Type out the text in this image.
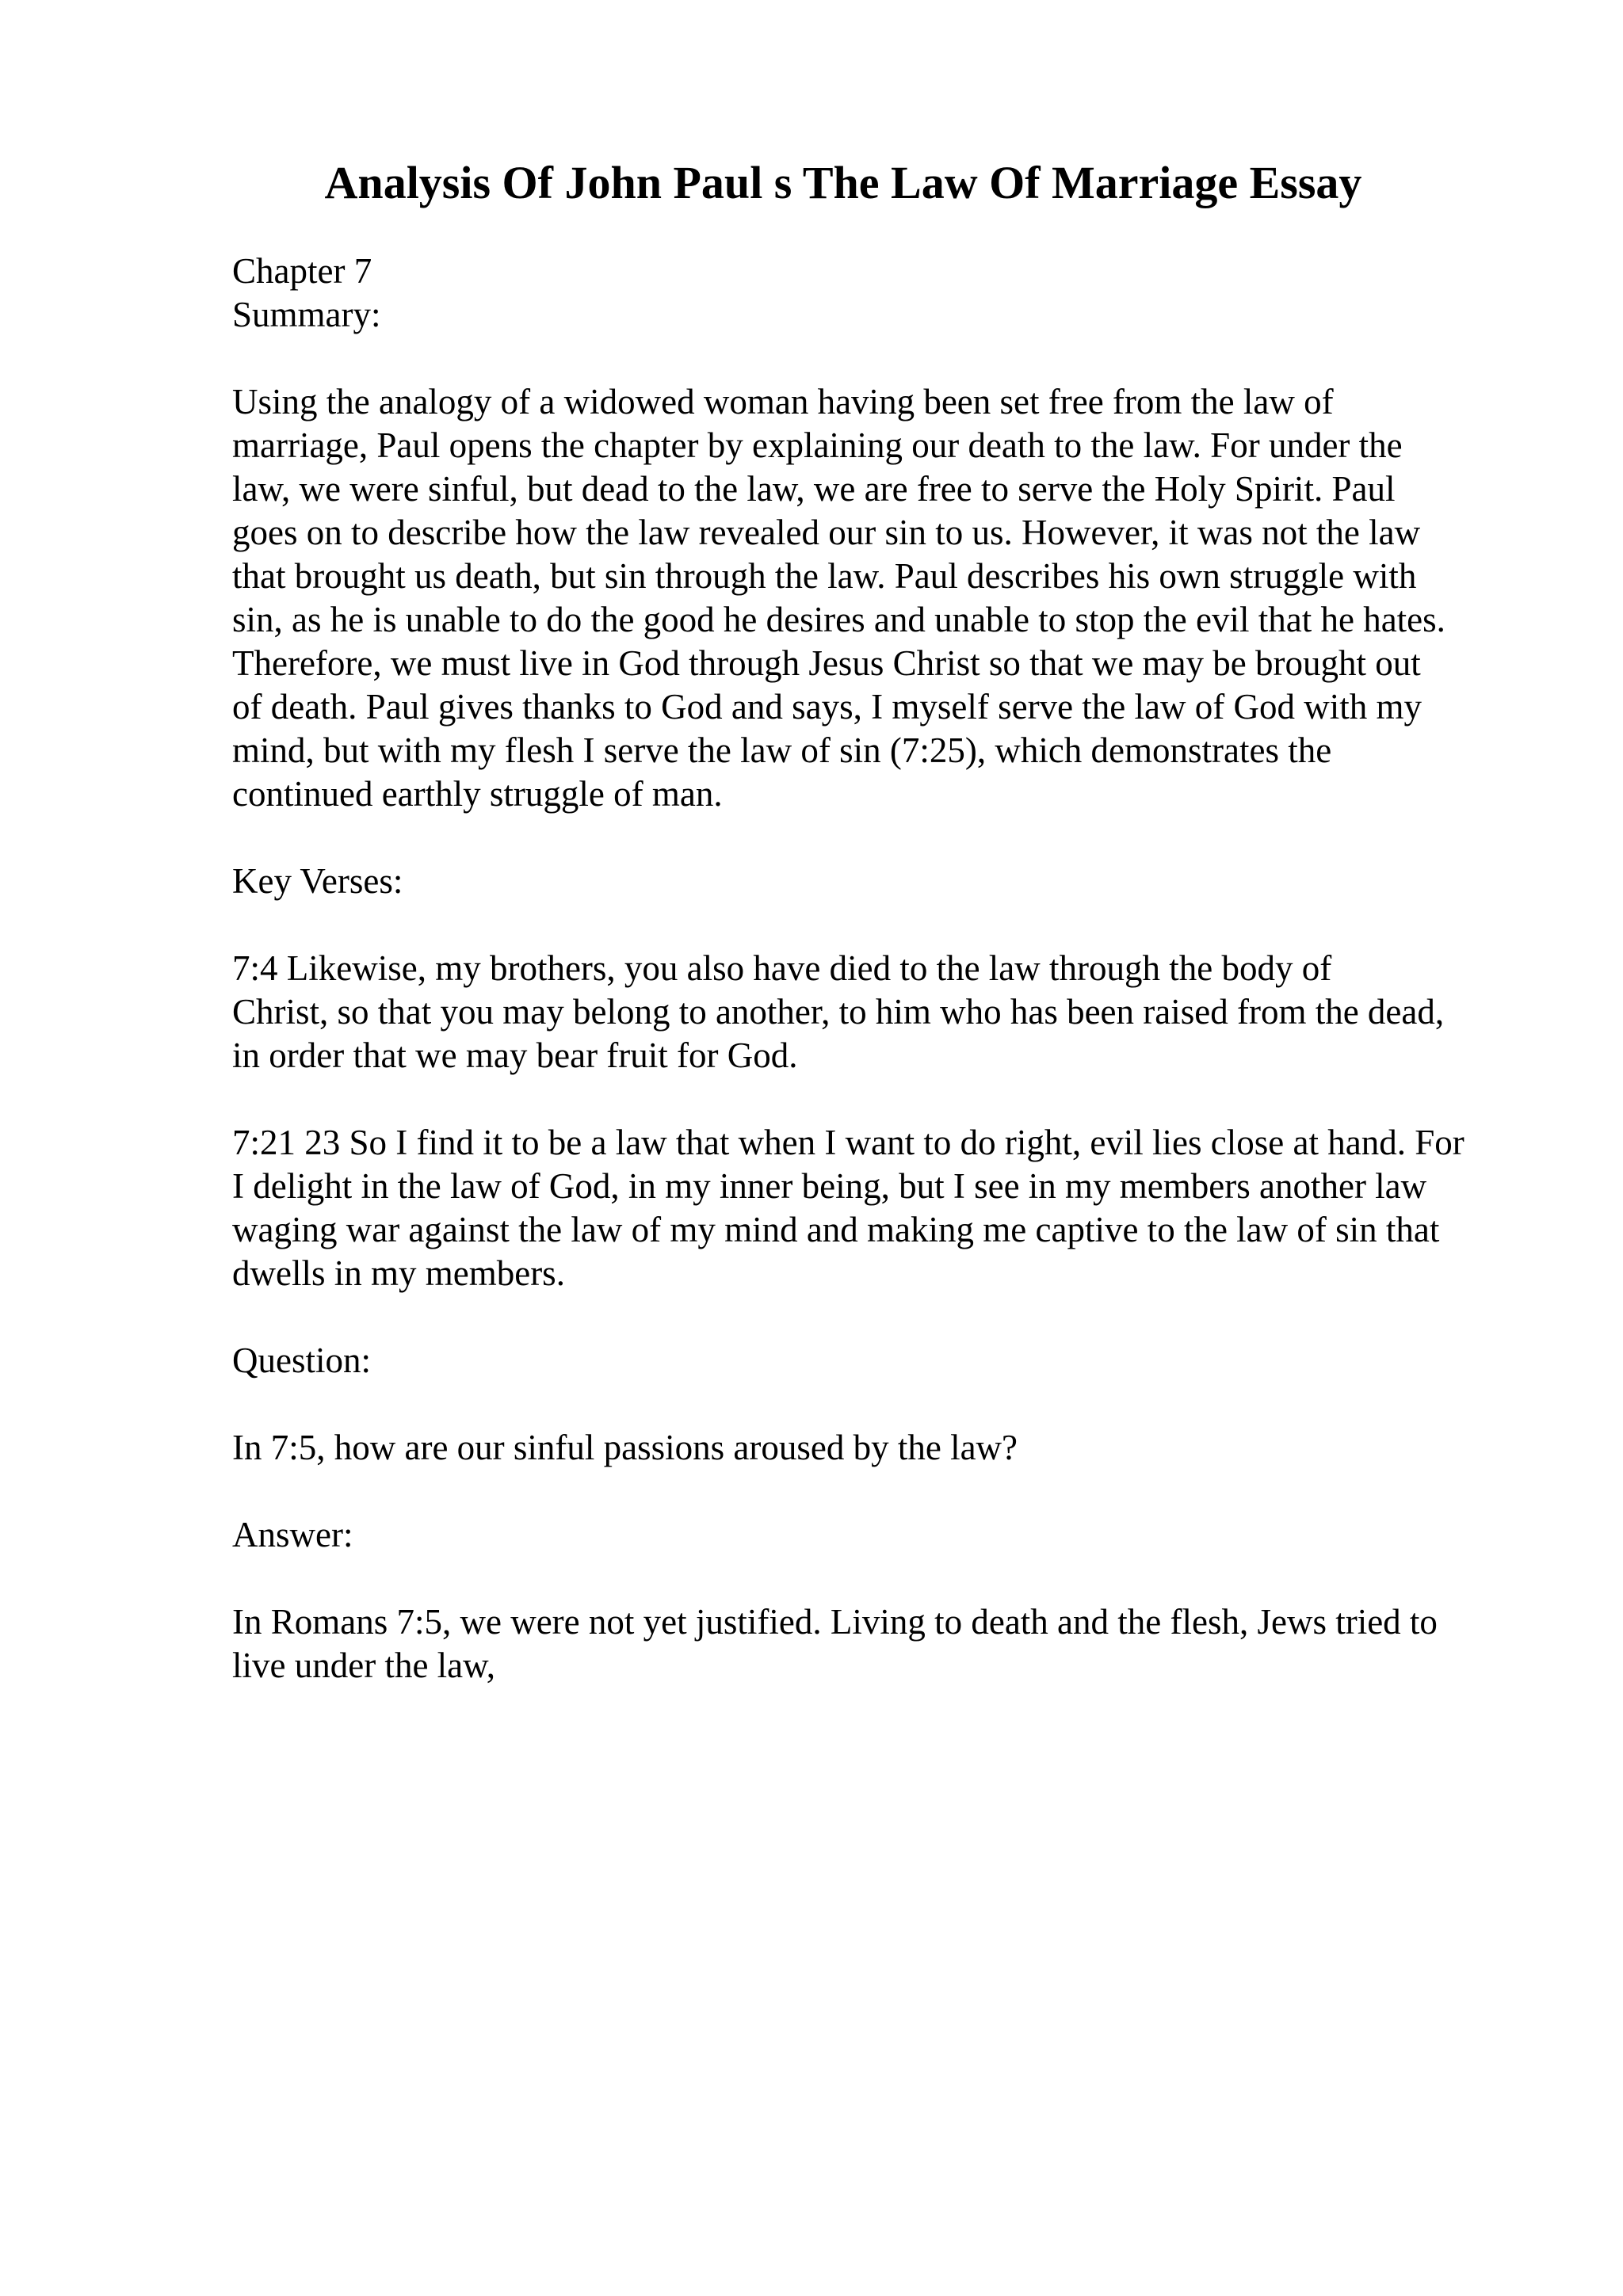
Analysis Of John Paul s The Law Of Marriage Essay
Chapter 7
Summary:
Using the analogy of a widowed woman having been set free from the law of
marriage, Paul opens the chapter by explaining our death to the law. For under the
law, we were sinful, but dead to the law, we are free to serve the Holy Spirit. Paul
goes on to describe how the law revealed our sin to us. However, it was not the law
that brought us death, but sin through the law. Paul describes his own struggle with
sin, as he is unable to do the good he desires and unable to stop the evil that he hates.
Therefore, we must live in God through Jesus Christ so that we may be brought out
of death. Paul gives thanks to God and says, I myself serve the law of God with my
mind, but with my flesh I serve the law of sin (7:25), which demonstrates the
continued earthly struggle of man.
Key Verses:
7:4 Likewise, my brothers, you also have died to the law through the body of
Christ, so that you may belong to another, to him who has been raised from the dead,
in order that we may bear fruit for God.
7:21 23 So I find it to be a law that when I want to do right, evil lies close at hand. For
I delight in the law of God, in my inner being, but I see in my members another law
waging war against the law of my mind and making me captive to the law of sin that
dwells in my members.
Question:
In 7:5, how are our sinful passions aroused by the law?
Answer:
In Romans 7:5, we were not yet justified. Living to death and the flesh, Jews tried to
live under the law,
